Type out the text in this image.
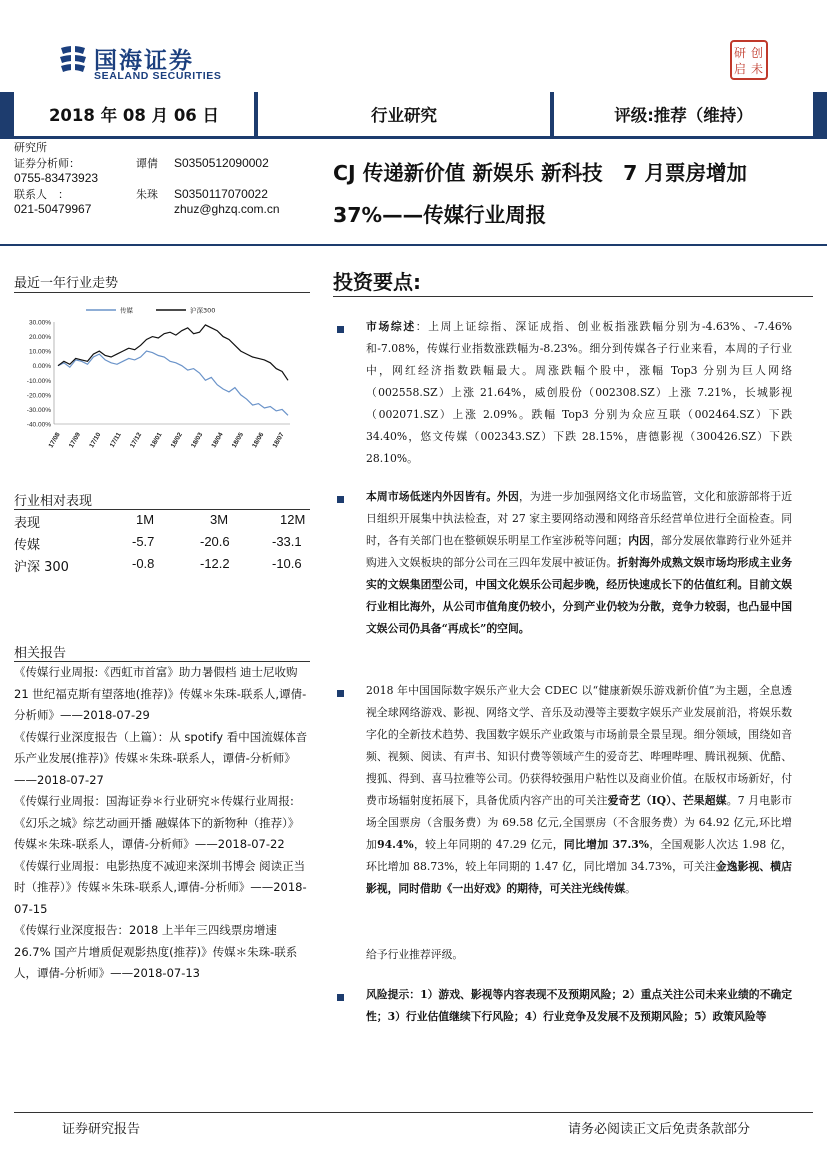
国海证券
SEALAND SECURITIES
研 创
启 未
2018 年 08 月 06 日	行业研究	评级:推荐（维持）
研究所
证券分析师：	谭倩 S0350512090002
0755-83473923
联系人　：	朱珠 S0350117070022
021-50479967	zhuz@ghzq.com.cn
CJ 传递新价值 新娱乐 新科技　7 月票房增加
37%——传媒行业周报
最近一年行业走势
30.00%
20.00%
10.00%
0.00%
-10.00%
-20.00%
-30.00%
-40.00%
17/08 17/09 17/10 17/11 17/12 18/01 18/02 18/03 18/04 18/05 18/06 18/07
传媒	沪深300
行业相对表现
表现	1M	3M	12M
传媒	-5.7	-20.6	-33.1
沪深 300	-0.8	-12.2	-10.6
相关报告
《传媒行业周报:《西虹市首富》助力暑假档 迪士尼收购 21 世纪福克斯有望落地(推荐)》传媒＊朱珠-联系人,谭倩-分析师》——2018-07-29
《传媒行业深度报告（上篇）：从 spotify 看中国流媒体音乐产业发展(推荐)》传媒＊朱珠-联系人，谭倩-分析师》——2018-07-27
《传媒行业周报：国海证券＊行业研究＊传媒行业周报:《幻乐之城》综艺动画开播 融媒体下的新物种（推荐）》传媒＊朱珠-联系人，谭倩-分析师》——2018-07-22
《传媒行业周报：电影热度不减迎来深圳书博会 阅读正当时（推荐）》传媒＊朱珠-联系人,谭倩-分析师》——2018-07-15
《传媒行业深度报告：2018 上半年三四线票房增速 26.7% 国产片增质促观影热度(推荐)》传媒＊朱珠-联系人，谭倩-分析师》——2018-07-13
投资要点:
市场综述：上周上证综指、深证成指、创业板指涨跌幅分别为-4.63%、-7.46%和-7.08%，传媒行业指数涨跌幅为-8.23%。细分到传媒各子行业来看，本周的子行业中，网红经济指数跌幅最大。周涨跌幅个股中，涨幅 Top3 分别为巨人网络（002558.SZ）上涨 21.64%，威创股份（002308.SZ）上涨 7.21%，长城影视（002071.SZ）上涨 2.09%。跌幅 Top3 分别为众应互联（002464.SZ）下跌 34.40%，悠文传媒（002343.SZ）下跌 28.15%，唐德影视（300426.SZ）下跌 28.10%。
本周市场低迷内外因皆有。外因，为进一步加强网络文化市场监管，文化和旅游部将于近日组织开展集中执法检查，对 27 家主要网络动漫和网络音乐经营单位进行全面检查。同时，各有关部门也在整顿娱乐明星工作室涉税等问题；内因，部分发展依靠跨行业外延并购进入文娱板块的部分公司在三四年发展中被证伪。折射海外成熟文娱市场均形成主业务实的文娱集团型公司，中国文化娱乐公司起步晚，经历快速成长下的估值红利。目前文娱行业相比海外，从公司市值角度仍较小，分到产业仍较为分散，竞争力较弱，也凸显中国文娱公司仍具备“再成长”的空间。
2018 年中国国际数字娱乐产业大会 CDEC 以“健康新娱乐游戏新价值”为主题，全息透视全球网络游戏、影视、网络文学、音乐及动漫等主要数字娱乐产业发展前沿，将娱乐数字化的全新技术趋势、我国数字娱乐产业政策与市场前景全景呈现。细分领域，围绕如音频、视频、阅读、有声书、知识付费等领域产生的爱奇艺、哔哩哔哩、腾讯视频、优酷、搜狐、得到、喜马拉雅等公司。仍获得较强用户粘性以及商业价值。在版权市场新好，付费市场辐射度拓展下，具备优质内容产出的可关注爱奇艺（IQ）、芒果超媒。7 月电影市场全国票房（含服务费）为 69.58 亿元,全国票房（不含服务费）为 64.92 亿元,环比增加94.4%，较上年同期的 47.29 亿元，同比增加 37.3%，全国观影人次达 1.98 亿，环比增加 88.73%，较上年同期的 1.47 亿，同比增加 34.73%，可关注金逸影视、横店影视，同时借助《一出好戏》的期待，可关注光线传媒。
给予行业推荐评级。
风险提示：1）游戏、影视等内容表现不及预期风险；2）重点关注公司未来业绩的不确定性；3）行业估值继续下行风险；4）行业竞争及发展不及预期风险；5）政策风险等
证券研究报告	请务必阅读正文后免责条款部分
